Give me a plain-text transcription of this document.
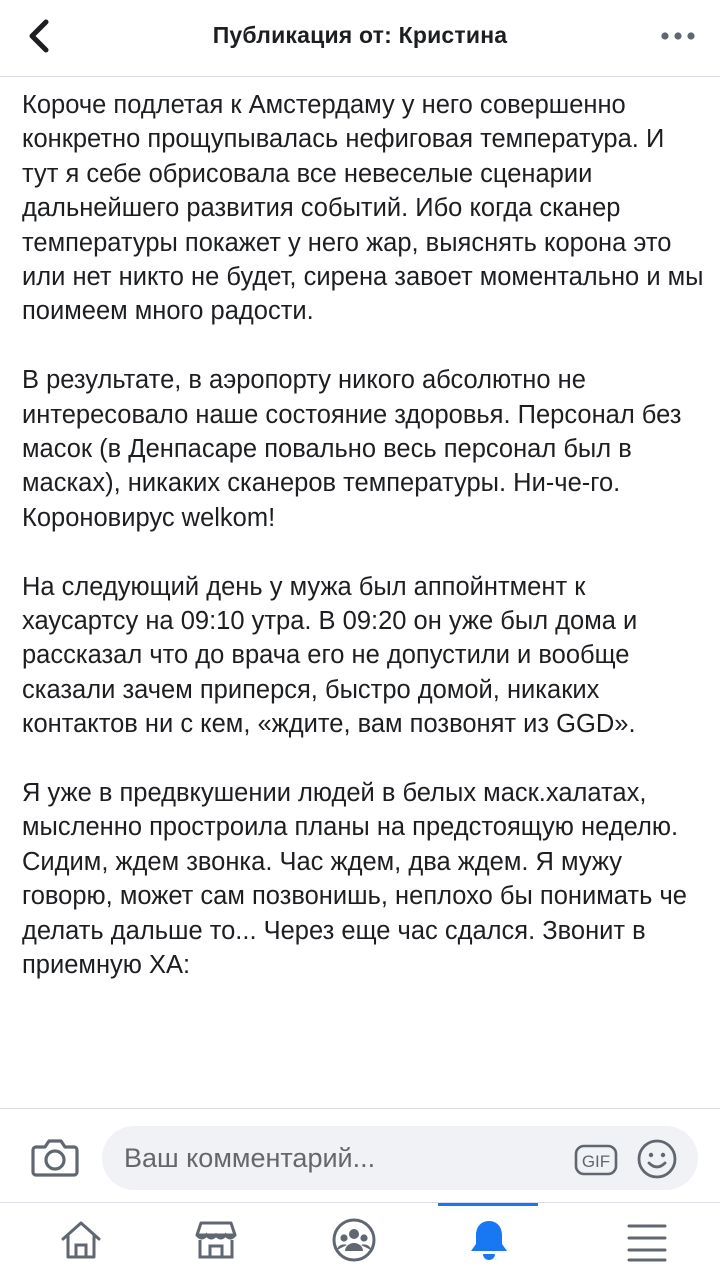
Публикация от: Кристина

Короче подлетая к Амстердаму у него совершенно конкретно прощупывалась нефиговая температура. И тут я себе обрисовала все невеселые сценарии дальнейшего развития событий. Ибо когда сканер температуры покажет у него жар, выяснять корона это или нет никто не будет, сирена завоет моментально и мы поимеем много радости.

В результате, в аэропорту никого абсолютно не интересовало наше состояние здоровья. Персонал без масок (в Денпасаре повально весь персонал был в масках), никаких сканеров температуры. Ни-че-го. Короновирус welkom!

На следующий день у мужа был аппойнтмент к хаусартсу на 09:10 утра. В 09:20 он уже был дома и рассказал что до врача его не допустили и вообще сказали зачем приперся, быстро домой, никаких контактов ни с кем, «ждите, вам позвонят из GGD».

Я уже в предвкушении людей в белых маск.халатах, мысленно простроила планы на предстоящую неделю. Сидим, ждем звонка. Час ждем, два ждем. Я мужу говорю, может сам позвонишь, неплохо бы понимать че делать дальше то... Через еще час сдался. Звонит в приемную ХА:

Ваш комментарий...	GIF
